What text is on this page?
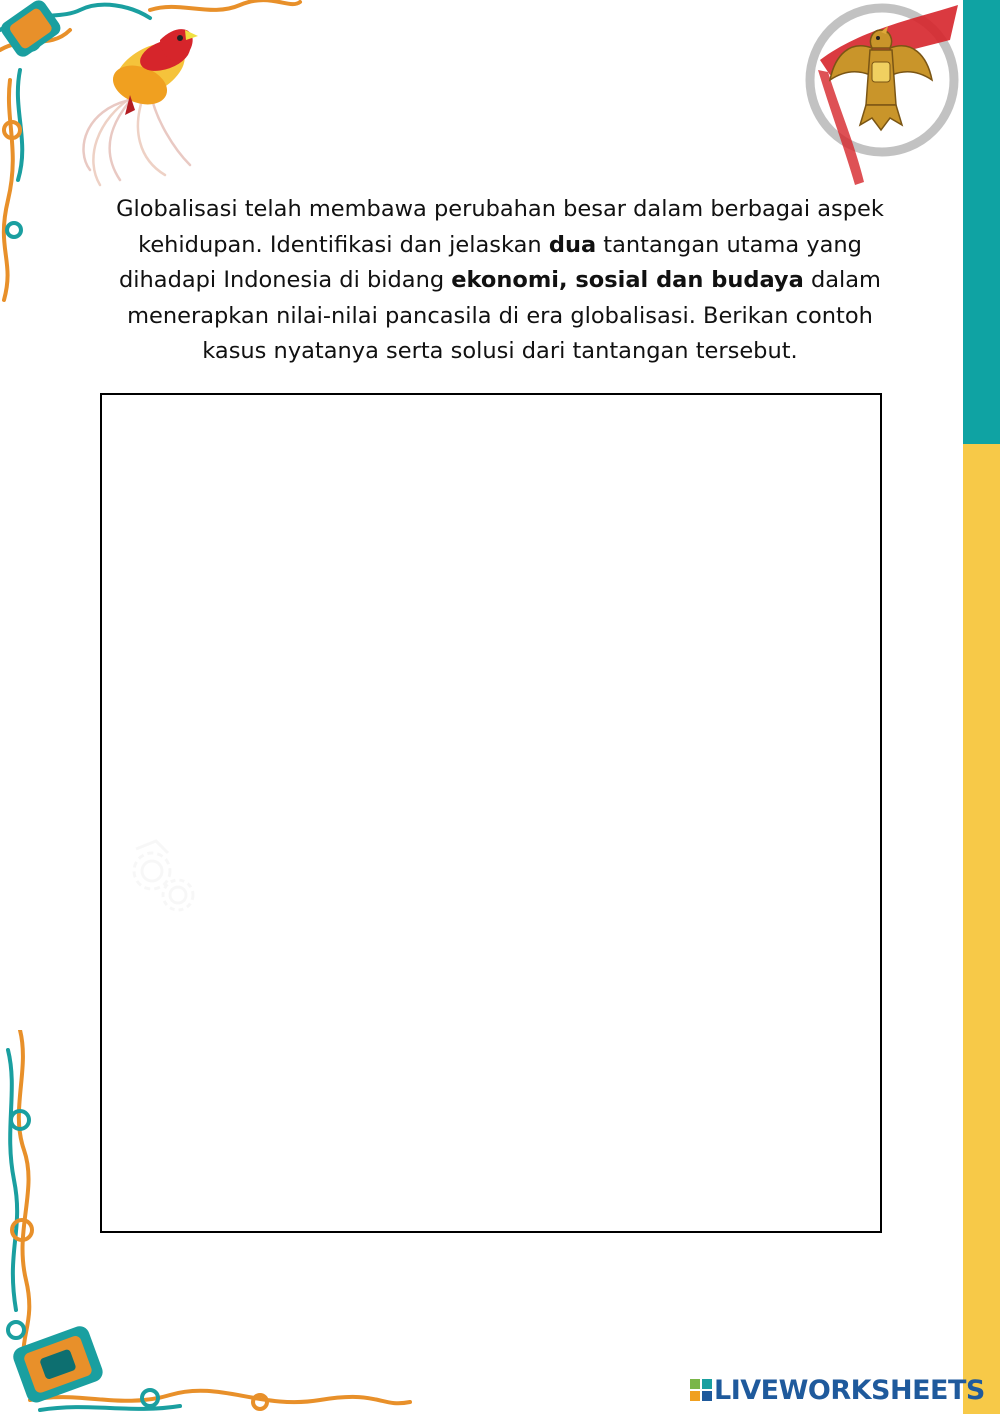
Globalisasi telah membawa perubahan besar dalam berbagai aspek kehidupan. Identifikasi dan jelaskan dua tantangan utama yang dihadapi Indonesia di bidang ekonomi, sosial dan budaya dalam menerapkan nilai-nilai pancasila di era globalisasi. Berikan contoh kasus nyatanya serta solusi dari tantangan tersebut.

LIVEWORKSHEETS
